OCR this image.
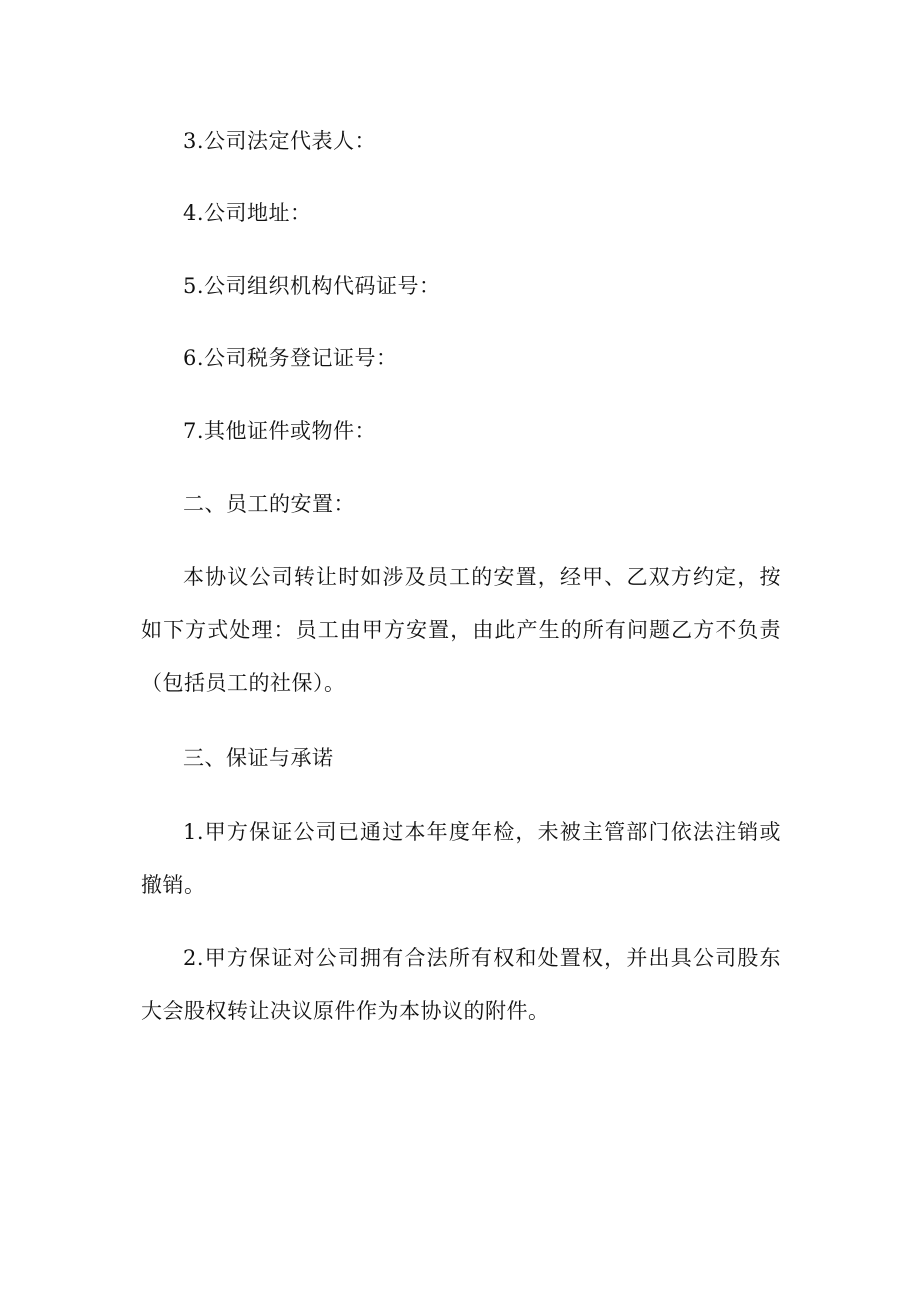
3.公司法定代表人：

4.公司地址：

5.公司组织机构代码证号：

6.公司税务登记证号：

7.其他证件或物件：

二、员工的安置：

本协议公司转让时如涉及员工的安置，经甲、乙双方约定，按如下方式处理：员工由甲方安置，由此产生的所有问题乙方不负责（包括员工的社保）。

三、保证与承诺

1.甲方保证公司已通过本年度年检，未被主管部门依法注销或撤销。

2.甲方保证对公司拥有合法所有权和处置权，并出具公司股东大会股权转让决议原件作为本协议的附件。
